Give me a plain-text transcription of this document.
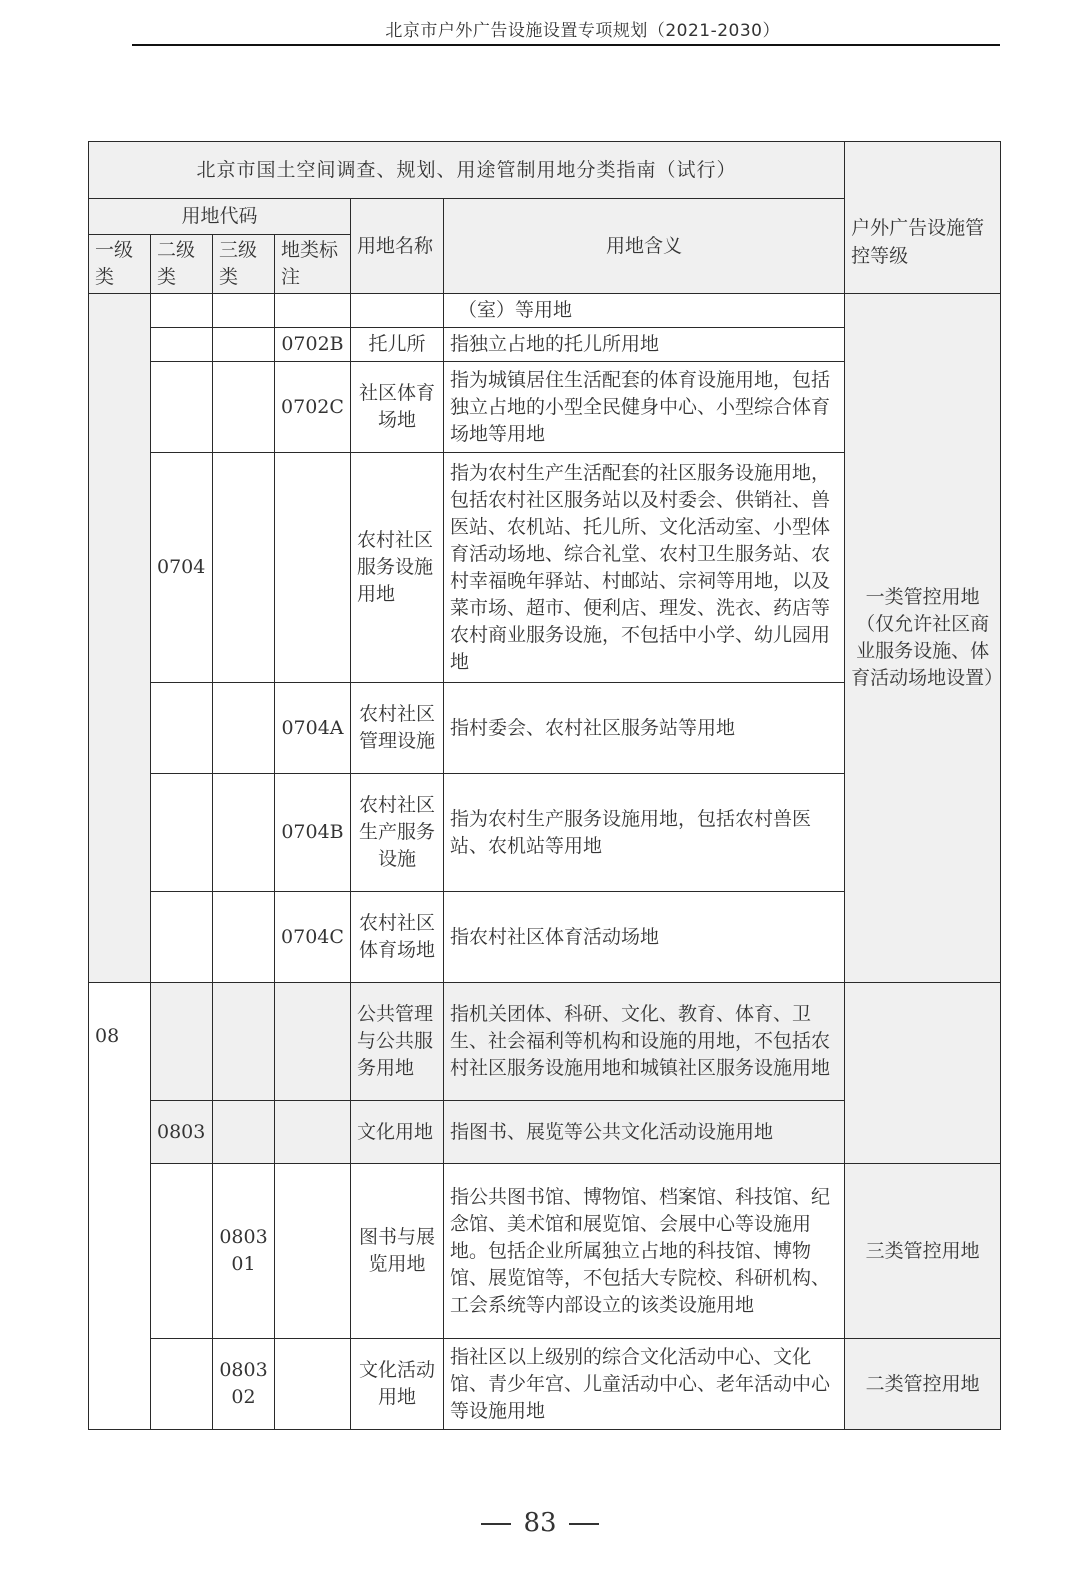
北京市户外广告设施设置专项规划（2021-2030）
北京市国土空间调查、规划、用途管制用地分类指南（试行）						户外广告设施管控等级
用地代码				用地名称	用地含义	
一级类	二级类	三级类	地类标注			
					（室）等用地	一类管控用地（仅允许社区商业服务设施、体育活动场地设置）
			0702B	托儿所	指独立占地的托儿所用地	
			0702C	社区体育场地	指为城镇居住生活配套的体育设施用地，包括独立占地的小型全民健身中心、小型综合体育场地等用地	
	0704			农村社区服务设施用地	指为农村生产生活配套的社区服务设施用地，包括农村社区服务站以及村委会、供销社、兽医站、农机站、托儿所、文化活动室、小型体育活动场地、综合礼堂、农村卫生服务站、农村幸福晚年驿站、村邮站、宗祠等用地，以及菜市场、超市、便利店、理发、洗衣、药店等农村商业服务设施，不包括中小学、幼儿园用地	
			0704A	农村社区管理设施	指村委会、农村社区服务站等用地	
			0704B	农村社区生产服务设施	指为农村生产服务设施用地，包括农村兽医站、农机站等用地	
			0704C	农村社区体育场地	指农村社区体育活动场地	
08				公共管理与公共服务用地	指机关团体、科研、文化、教育、体育、卫生、社会福利等机构和设施的用地，不包括农村社区服务设施用地和城镇社区服务设施用地	
	0803			文化用地	指图书、展览等公共文化活动设施用地	
		080301		图书与展览用地	指公共图书馆、博物馆、档案馆、科技馆、纪念馆、美术馆和展览馆、会展中心等设施用地。包括企业所属独立占地的科技馆、博物馆、展览馆等，不包括大专院校、科研机构、工会系统等内部设立的该类设施用地	三类管控用地
		080302		文化活动用地	指社区以上级别的综合文化活动中心、文化馆、青少年宫、儿童活动中心、老年活动中心等设施用地	二类管控用地
83
